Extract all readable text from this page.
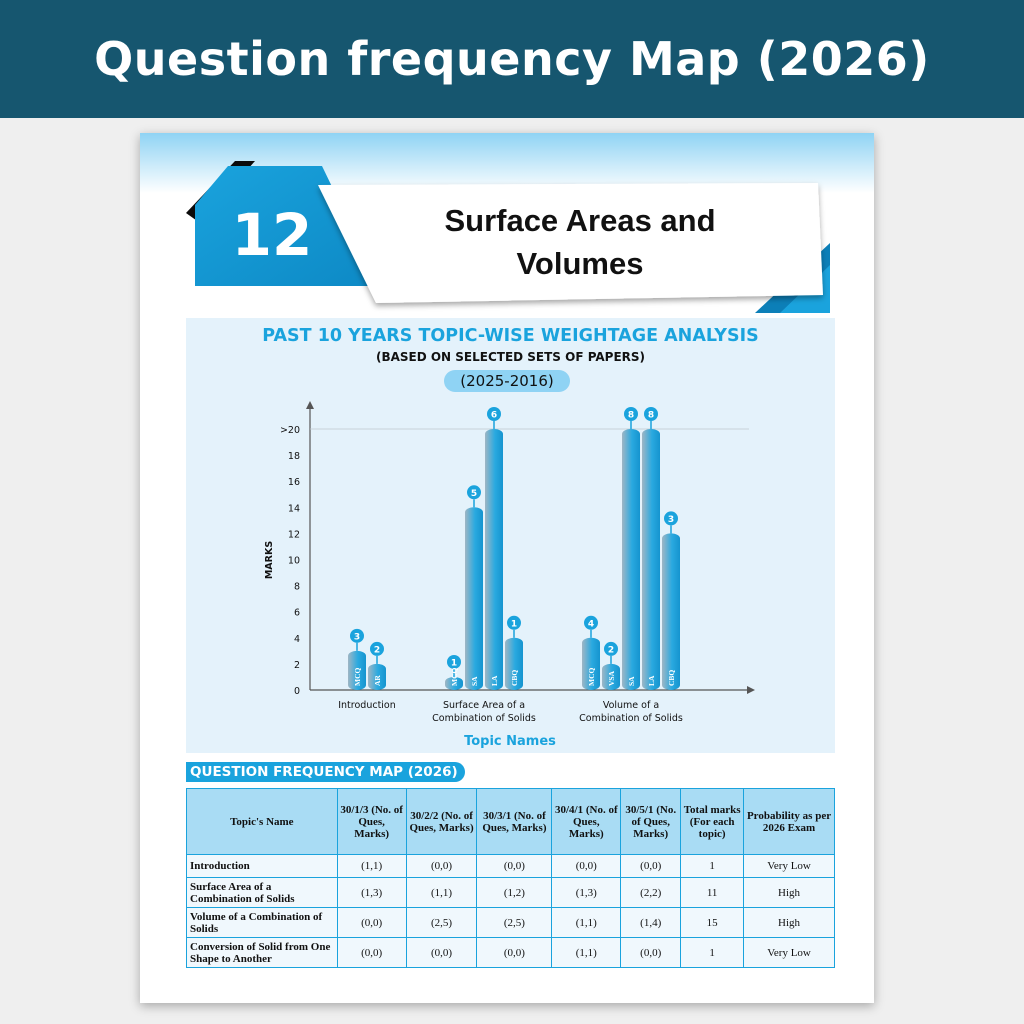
Question frequency Map (2026)
12	Surface Areas and
Volumes
PAST 10 YEARS TOPIC-WISE WEIGHTAGE ANALYSIS
(BASED ON SELECTED SETS OF PAPERS)
(2025-2016)
0
2
4
6
8
10
12
14
16
18
>20
MARKS
Topic Names
3
MCQ
2
AR
Introduction
1
MCQ
5
SA
6
LA
1
CBQ
Surface Area of a
Combination of Solids
4
MCQ
2
VSA
8
SA
8
LA
3
CBQ
Volume of a
Combination of Solids
QUESTION FREQUENCY MAP (2026)
Topic's Name	30/1/3 (No. of Ques, Marks)	30/2/2 (No. of Ques, Marks)	30/3/1 (No. of Ques, Marks)	30/4/1 (No. of Ques, Marks)	30/5/1 (No. of Ques, Marks)	Total marks (For each topic)	Probability as per 2026 Exam
Introduction	(1,1)	(0,0)	(0,0)	(0,0)	(0,0)	1	Very Low
Surface Area of a Combination of Solids	(1,3)	(1,1)	(1,2)	(1,3)	(2,2)	11	High
Volume of a Combination of Solids	(0,0)	(2,5)	(2,5)	(1,1)	(1,4)	15	High
Conversion of Solid from One Shape to Another	(0,0)	(0,0)	(0,0)	(1,1)	(0,0)	1	Very Low
